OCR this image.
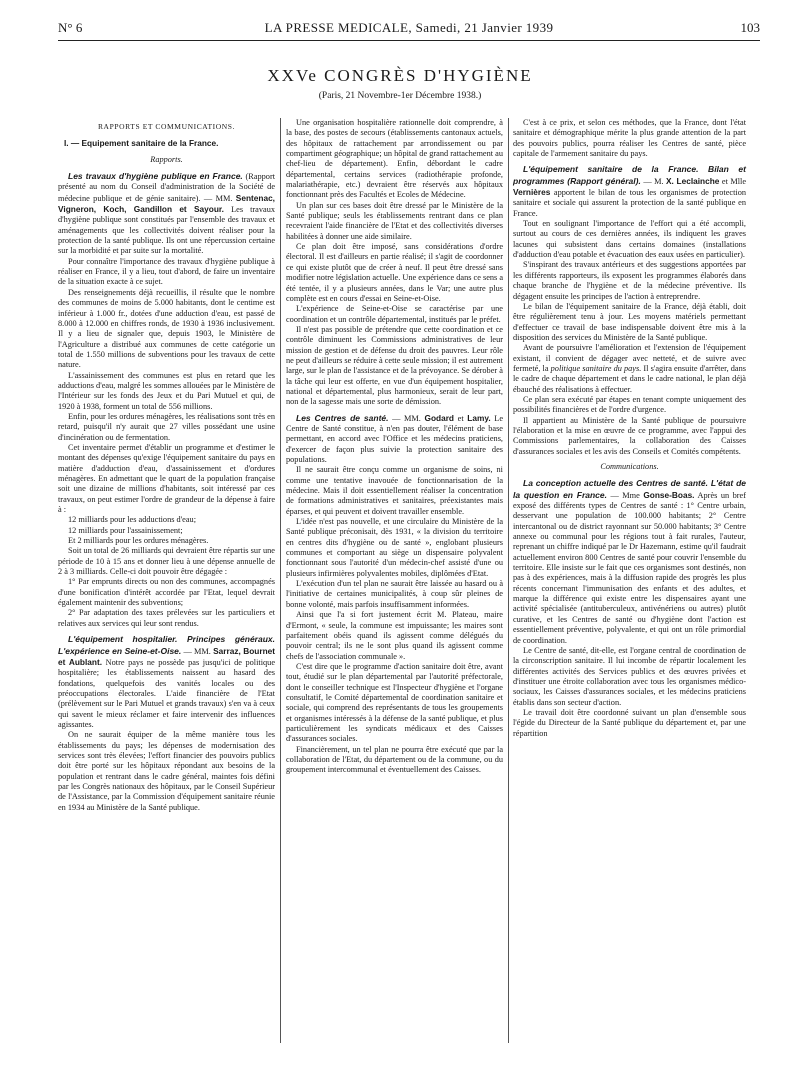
N° 6	LA PRESSE MEDICALE, Samedi, 21 Janvier 1939	103
XXVe CONGRÈS D'HYGIÈNE
(Paris, 21 Novembre-1er Décembre 1938.)

RAPPORTS ET COMMUNICATIONS.

I. — Equipement sanitaire de la France.

Rapports.

Les travaux d'hygiène publique en France. (Rapport présenté au nom du Conseil d'administration de la Société de médecine publique et de génie sanitaire). — MM. Sentenac, Vigneron, Koch, Gandillon et Sayour. Les travaux d'hygiène publique sont constitués par l'ensemble des travaux et aménagements que les collectivités doivent réaliser pour la protection de la santé publique. Ils ont une répercussion certaine sur la morbidité et par suite sur la mortalité.

Pour connaître l'importance des travaux d'hygiène publique à réaliser en France, il y a lieu, tout d'abord, de faire un inventaire de la situation exacte à ce sujet.

Des renseignements déjà recueillis, il résulte que le nombre des communes de moins de 5.000 habitants, dont le centime est inférieur à 1.000 fr., dotées d'une adduction d'eau, est passé de 8.000 à 12.000 en chiffres ronds, de 1930 à 1936 inclusivement. Il y a lieu de signaler que, depuis 1903, le Ministère de l'Agriculture a distribué aux communes de cette catégorie un total de 1.550 millions de subventions pour les travaux de cette nature.

L'assainissement des communes est plus en retard que les adductions d'eau, malgré les sommes allouées par le Ministère de l'Intérieur sur les fonds des Jeux et du Pari Mutuel et qui, de 1920 à 1938, forment un total de 556 millions.

Enfin, pour les ordures ménagères, les réalisations sont très en retard, puisqu'il n'y aurait que 27 villes possédant une usine d'incinération ou de fermentation.

Cet inventaire permet d'établir un programme et d'estimer le montant des dépenses qu'exige l'équipement sanitaire du pays en matière d'adduction d'eau, d'assainissement et d'ordures ménagères. En admettant que le quart de la population française soit une dizaine de millions d'habitants, soit intéressé par ces travaux, on peut estimer l'ordre de grandeur de la dépense à faire à :

12 milliards pour les adductions d'eau;

12 milliards pour l'assainissement;

Et 2 milliards pour les ordures ménagères.

Soit un total de 26 milliards qui devraient être répartis sur une période de 10 à 15 ans et donner lieu à une dépense annuelle de 2 à 3 milliards. Celle-ci doit pouvoir être dégagée :

1° Par emprunts directs ou non des communes, accompagnés d'une bonification d'intérêt accordée par l'Etat, lequel devrait également maintenir des subventions;

2° Par adaptation des taxes prélevées sur les particuliers et relatives aux services qui leur sont rendus.

L'équipement hospitalier. Principes généraux. L'expérience en Seine-et-Oise. — MM. Sarraz, Bournet et Aublant. Notre pays ne possède pas jusqu'ici de politique hospitalière; les établissements naissent au hasard des fondations, quelquefois des vanités locales ou des préoccupations électorales. L'aide financière de l'Etat (prélèvement sur le Pari Mutuel et grands travaux) s'en va à ceux qui savent le mieux réclamer et faire intervenir des influences agissantes.

On ne saurait équiper de la même manière tous les établissements du pays; les dépenses de modernisation des services sont très élevées; l'effort financier des pouvoirs publics doit être porté sur les hôpitaux répondant aux besoins de la population et rentrant dans le cadre général, maintes fois défini par les Congrès nationaux des hôpitaux, par le Conseil Supérieur de l'Assistance, par la Commission d'équipement sanitaire réunie en 1934 au Ministère de la Santé publique.

Une organisation hospitalière rationnelle doit comprendre, à la base, des postes de secours (établissements cantonaux actuels, des hôpitaux de rattachement par arrondissement ou par compartiment géographique; un hôpital de grand rattachement au chef-lieu de département). Enfin, débordant le cadre départemental, certains services (radiothérapie profonde, malariathérapie, etc.) devraient être réservés aux hôpitaux fonctionnant près des Facultés et Ecoles de Médecine.

Un plan sur ces bases doit être dressé par le Ministère de la Santé publique; seuls les établissements rentrant dans ce plan recevraient l'aide financière de l'Etat et des collectivités diverses habilitées à donner une aide similaire.

Ce plan doit être imposé, sans considérations d'ordre électoral. Il est d'ailleurs en partie réalisé; il s'agit de coordonner ce qui existe plutôt que de créer à neuf. Il peut être dressé sans modifier notre législation actuelle. Une expérience dans ce sens a été tentée, il y a plusieurs années, dans le Var; une autre plus complète est en cours d'essai en Seine-et-Oise.

L'expérience de Seine-et-Oise se caractérise par une coordination et un contrôle départemental, institués par le préfet.

Il n'est pas possible de prétendre que cette coordination et ce contrôle diminuent les Commissions administratives de leur mission de gestion et de défense du droit des pauvres. Leur rôle ne peut d'ailleurs se réduire à cette seule mission; il est autrement large, sur le plan de l'assistance et de la prévoyance. Se dérober à la tâche qui leur est offerte, en vue d'un équipement hospitalier, national et départemental, plus harmonieux, serait de leur part, non de la sagesse mais une sorte de démission.

Les Centres de santé. — MM. Godard et Lamy. Le Centre de Santé constitue, à n'en pas douter, l'élément de base permettant, en accord avec l'Office et les médecins praticiens, d'exercer de façon plus suivie la protection sanitaire des populations.

Il ne saurait être conçu comme un organisme de soins, ni comme une tentative inavouée de fonctionnarisation de la médecine. Mais il doit essentiellement réaliser la concentration de formations administratives et sanitaires, préexistantes mais éparses, et qui peuvent et doivent travailler ensemble.

L'idée n'est pas nouvelle, et une circulaire du Ministère de la Santé publique préconisait, dès 1931, « la division du territoire en centres dits d'hygiène ou de santé », englobant plusieurs communes et comportant au siège un dispensaire polyvalent fonctionnant sous l'autorité d'un médecin-chef assisté d'une ou plusieurs infirmières polyvalentes mobiles, diplômées d'Etat.

L'exécution d'un tel plan ne saurait être laissée au hasard ou à l'initiative de certaines municipalités, à coup sûr pleines de bonne volonté, mais parfois insuffisamment informées.

Ainsi que l'a si fort justement écrit M. Plateau, maire d'Ermont, « seule, la commune est impuissante; les maires sont parfaitement obéis quand ils agissent comme délégués du pouvoir central; ils ne le sont plus quand ils agissent comme chefs de l'association communale ».

C'est dire que le programme d'action sanitaire doit être, avant tout, étudié sur le plan départemental par l'autorité préfectorale, dont le conseiller technique est l'Inspecteur d'hygiène et l'organe consultatif, le Comité départemental de coordination sanitaire et sociale, qui comprend des représentants de tous les groupements et organismes intéressés à la défense de la santé publique, et plus particulièrement les syndicats médicaux et des Caisses d'assurances sociales.

Financièrement, un tel plan ne pourra être exécuté que par la collaboration de l'Etat, du département ou de la commune, ou du groupement intercommunal et éventuellement des Caisses.

C'est à ce prix, et selon ces méthodes, que la France, dont l'état sanitaire et démographique mérite la plus grande attention de la part des pouvoirs publics, pourra réaliser les Centres de santé, pièce capitale de l'armement sanitaire du pays.

L'équipement sanitaire de la France. Bilan et programmes (Rapport général). — M. X. Leclainche et Mlle Vernières apportent le bilan de tous les organismes de protection sanitaire et sociale qui assurent la protection de la santé publique en France.

Tout en soulignant l'importance de l'effort qui a été accompli, surtout au cours de ces dernières années, ils indiquent les graves lacunes qui subsistent dans certains domaines (installations d'adduction d'eau potable et évacuation des eaux usées en particulier).

S'inspirant des travaux antérieurs et des suggestions apportées par les différents rapporteurs, ils exposent les programmes élaborés dans chaque branche de l'hygiène et de la médecine préventive. Ils dégagent ensuite les principes de l'action à entreprendre.

Le bilan de l'équipement sanitaire de la France, déjà établi, doit être régulièrement tenu à jour. Les moyens matériels permettant d'effectuer ce travail de base indispensable doivent être mis à la disposition des services du Ministère de la Santé publique.

Avant de poursuivre l'amélioration et l'extension de l'équipement existant, il convient de dégager avec netteté, et de suivre avec fermeté, la politique sanitaire du pays. Il s'agira ensuite d'arrêter, dans le cadre de chaque département et dans le cadre national, le plan déjà ébauché des réalisations à effectuer.

Ce plan sera exécuté par étapes en tenant compte uniquement des possibilités financières et de l'ordre d'urgence.

Il appartient au Ministère de la Santé publique de poursuivre l'élaboration et la mise en œuvre de ce programme, avec l'appui des Commissions parlementaires, la collaboration des Caisses d'assurances sociales et les avis des Conseils et Comités compétents.

Communications.

La conception actuelle des Centres de santé. L'état de la question en France. — Mme Gonse-Boas. Après un bref exposé des différents types de Centres de santé : 1° Centre urbain, desservant une population de 100.000 habitants; 2° Centre intercantonal ou de district rayonnant sur 50.000 habitants; 3° Centre annexe ou communal pour les régions tout à fait rurales, l'auteur, reprenant un chiffre indiqué par le Dr Hazemann, estime qu'il faudrait actuellement environ 800 Centres de santé pour couvrir l'ensemble du territoire. Elle insiste sur le fait que ces organismes sont destinés, non pas à des expériences, mais à la diffusion rapide des progrès les plus récents concernant l'immunisation des enfants et des adultes, et marque la différence qui existe entre les dispensaires ayant une activité spécialisée (antituberculeux, antivénériens ou autres) plutôt curative, et les Centres de santé ou d'hygiène dont l'action est essentiellement préventive, polyvalente, et qui ont un rôle primordial de coordination.

Le Centre de santé, dit-elle, est l'organe central de coordination de la circonscription sanitaire. Il lui incombe de répartir localement les différentes activités des Services publics et des œuvres privées et d'instituer une étroite collaboration avec tous les organismes médico-sociaux, les Caisses d'assurances sociales, et les médecins praticiens établis dans son secteur d'action.

Le travail doit être coordonné suivant un plan d'ensemble sous l'égide du Directeur de la Santé publique du département et, par une répartition
